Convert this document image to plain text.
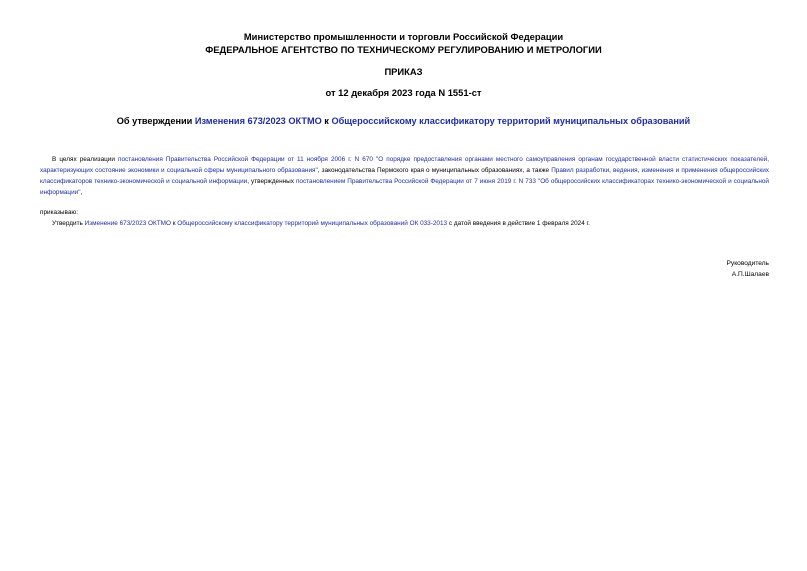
Министерство промышленности и торговли Российской Федерации
ФЕДЕРАЛЬНОЕ АГЕНТСТВО ПО ТЕХНИЧЕСКОМУ РЕГУЛИРОВАНИЮ И МЕТРОЛОГИИ
ПРИКАЗ
от 12 декабря 2023 года N 1551-ст
Об утверждении Изменения 673/2023 ОКТМО к Общероссийскому классификатору территорий муниципальных образований
В целях реализации постановления Правительства Российской Федерации от 11 ноября 2006 г. N 670 "О порядке предоставления органами местного самоуправления органам государственной власти статистических показателей, характеризующих состояние экономики и социальной сферы муниципального образования", законодательства Пермского края о муниципальных образованиях, а также Правил разработки, ведения, изменения и применения общероссийских классификаторов технико-экономической и социальной информации, утвержденных постановлением Правительства Российской Федерации от 7 июня 2019 г. N 733 "Об общероссийских классификаторах технико-экономической и социальной информации",
приказываю:
Утвердить Изменение 673/2023 ОКТМО к Общероссийскому классификатору территорий муниципальных образований ОК 033-2013 с датой введения в действие 1 февраля 2024 г.
Руководитель
А.П.Шалаев
